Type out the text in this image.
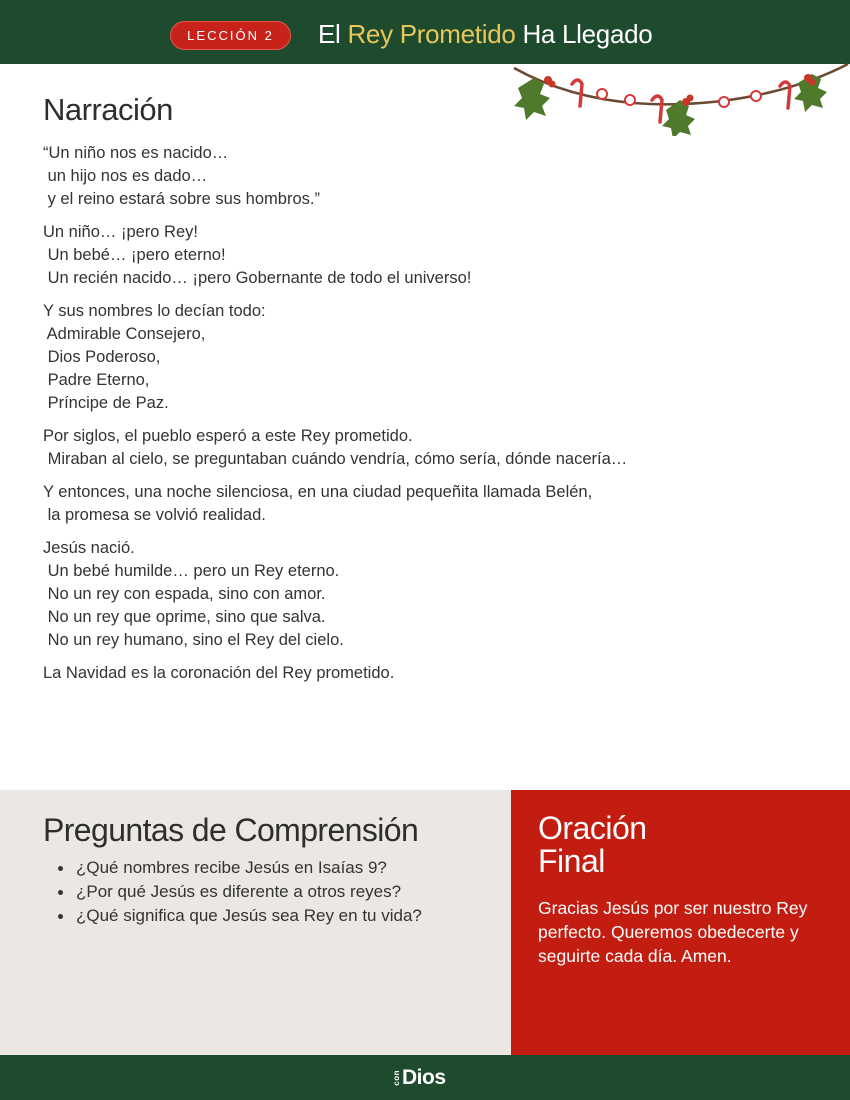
LECCIÓN 2	El Rey Prometido Ha Llegado
Narración
“Un niño nos es nacido…
un hijo nos es dado…
y el reino estará sobre sus hombros.”
Un niño… ¡pero Rey!
Un bebé… ¡pero eterno!
Un recién nacido… ¡pero Gobernante de todo el universo!
Y sus nombres lo decían todo:
Admirable Consejero,
Dios Poderoso,
Padre Eterno,
Príncipe de Paz.
Por siglos, el pueblo esperó a este Rey prometido.
Miraban al cielo, se preguntaban cuándo vendría, cómo sería, dónde nacería…
Y entonces, una noche silenciosa, en una ciudad pequeñita llamada Belén,
la promesa se volvió realidad.
Jesús nació.
Un bebé humilde… pero un Rey eterno.
No un rey con espada, sino con amor.
No un rey que oprime, sino que salva.
No un rey humano, sino el Rey del cielo.
La Navidad es la coronación del Rey prometido.
Preguntas de Comprensión
¿Qué nombres recibe Jesús en Isaías 9?
¿Por qué Jesús es diferente a otros reyes?
¿Qué significa que Jesús sea Rey en tu vida?
Oración
Final
Gracias Jesús por ser nuestro Rey perfecto. Queremos obedecerte y seguirte cada día. Amen.
con Dios
